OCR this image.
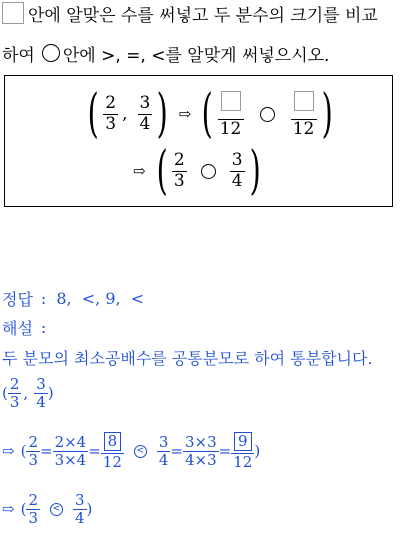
안에 알맞은 수를 써넣고 두 분수의 크기를 비교
하여 안에 >, =, <를 알맞게 써넣으시오.
( $\frac{2}{3}$ , $\frac{3}{4}$ ) ⇨ ( 12	12 )
⇨ ( $\frac{2}{3}$	$\frac{3}{4}$ )
정답 : 8,  <, 9,  <
해설 :
두 분모의 최소공배수를 공통분모로 하여 통분합니다.
( $\frac{2}{3}$ , $\frac{3}{4}$ )
⇨ ( $\frac{2}{3} = \frac{2\times 4}{3\times 4} = \frac{8}{12}$	< $\frac{3}{4} = \frac{3\times 3}{4\times 3} = \frac{9}{12}$ )
⇨ ( $\frac{2}{3}$	< $\frac{3}{4}$ )
